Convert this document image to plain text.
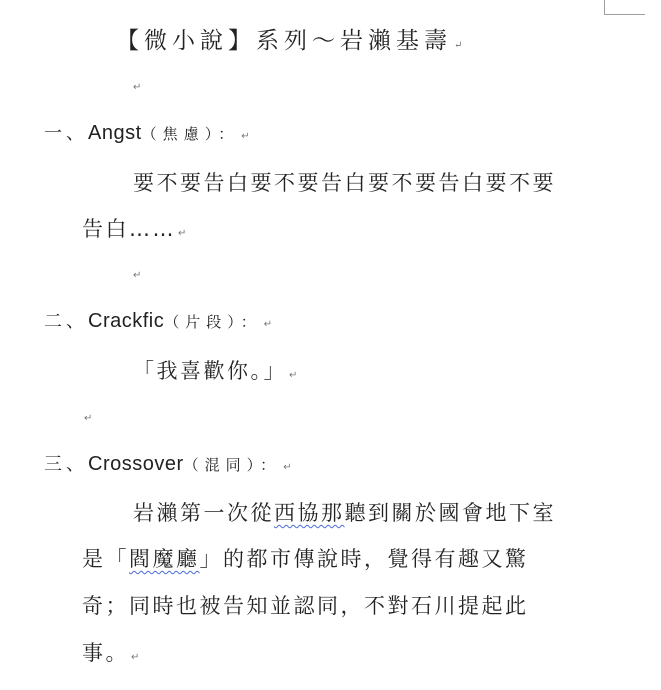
【微小說】系列～岩瀨基壽 ↵
↵
一、Angst（焦慮）： ↵
要不要告白要不要告白要不要告白要不要
告白…… ↵
↵
二、Crackfic（片段）： ↵
「我喜歡你。」 ↵
↵
三、Crossover（混同）： ↵
岩瀨第一次從西協那聽到關於國會地下室
是「閻魔廳」的都市傳說時，覺得有趣又驚
奇；同時也被告知並認同，不對石川提起此
事。 ↵
